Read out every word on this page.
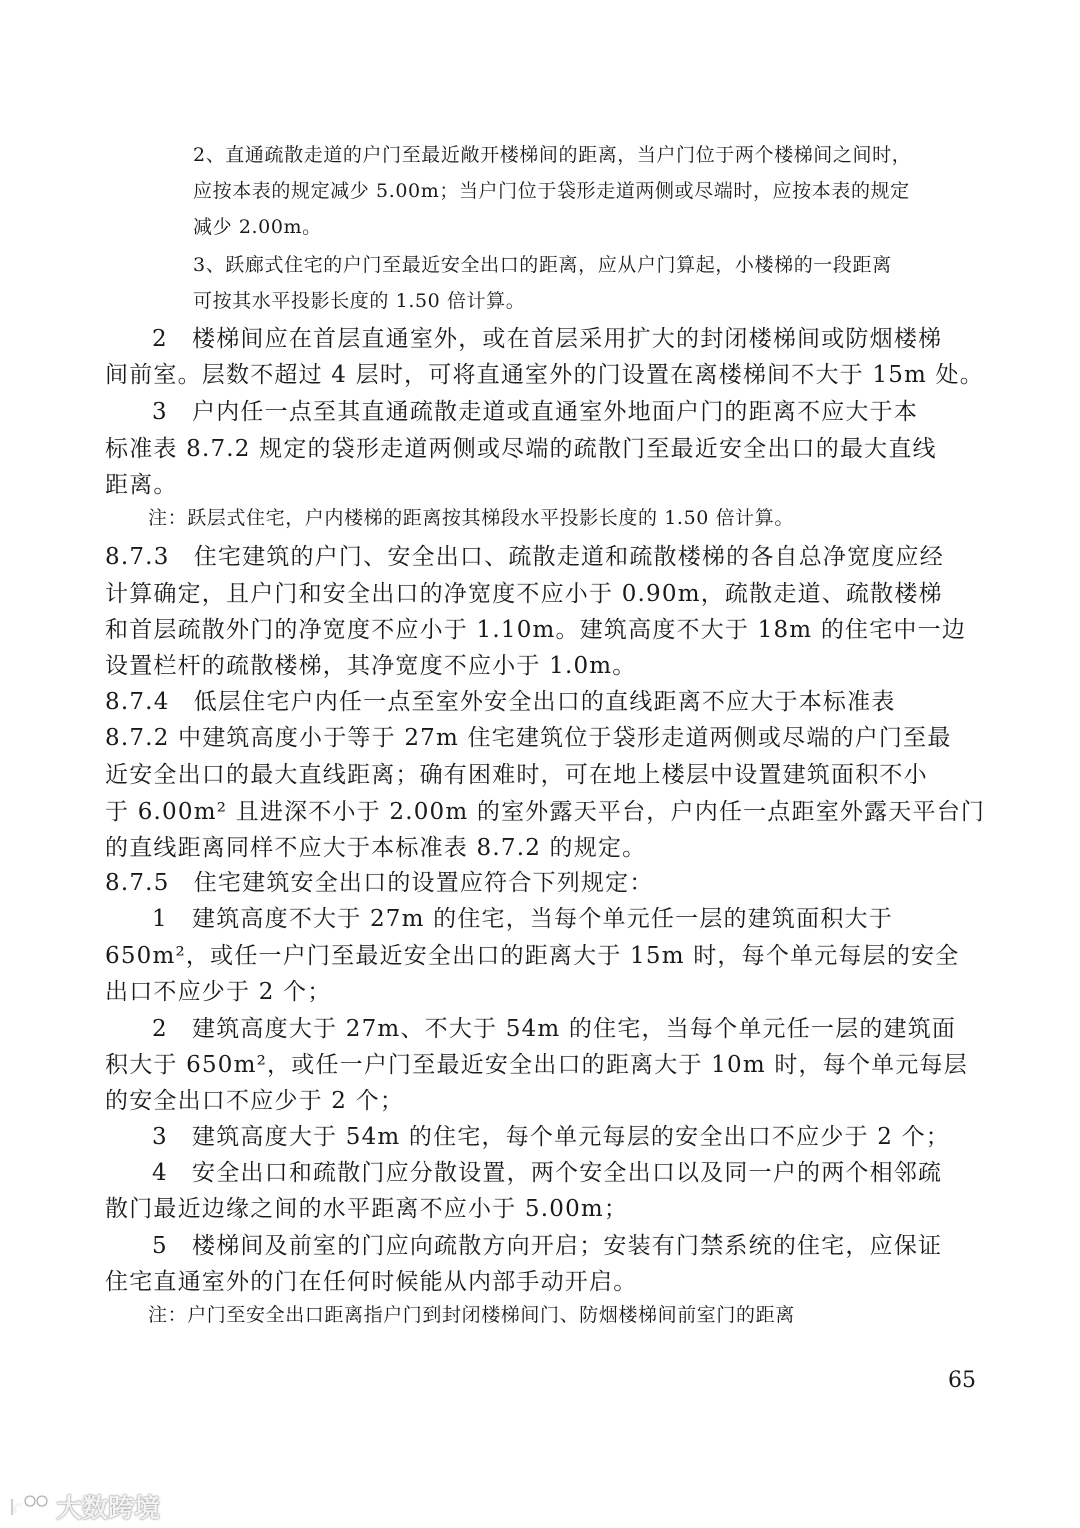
2、直通疏散走道的户门至最近敞开楼梯间的距离，当户门位于两个楼梯间之间时，
应按本表的规定减少 5.00m；当户门位于袋形走道两侧或尽端时，应按本表的规定
减少 2.00m。
3、跃廊式住宅的户门至最近安全出口的距离，应从户门算起，小楼梯的一段距离
可按其水平投影长度的 1.50 倍计算。
2　楼梯间应在首层直通室外，或在首层采用扩大的封闭楼梯间或防烟楼梯
间前室。层数不超过 4 层时，可将直通室外的门设置在离楼梯间不大于 15m 处。
3　户内任一点至其直通疏散走道或直通室外地面户门的距离不应大于本
标准表 8.7.2 规定的袋形走道两侧或尽端的疏散门至最近安全出口的最大直线
距离。
注：跃层式住宅，户内楼梯的距离按其梯段水平投影长度的 1.50 倍计算。
8.7.3　住宅建筑的户门、安全出口、疏散走道和疏散楼梯的各自总净宽度应经
计算确定，且户门和安全出口的净宽度不应小于 0.90m，疏散走道、疏散楼梯
和首层疏散外门的净宽度不应小于 1.10m。建筑高度不大于 18m 的住宅中一边
设置栏杆的疏散楼梯，其净宽度不应小于 1.0m。
8.7.4　低层住宅户内任一点至室外安全出口的直线距离不应大于本标准表
8.7.2 中建筑高度小于等于 27m 住宅建筑位于袋形走道两侧或尽端的户门至最
近安全出口的最大直线距离；确有困难时，可在地上楼层中设置建筑面积不小
于 6.00m² 且进深不小于 2.00m 的室外露天平台，户内任一点距室外露天平台门
的直线距离同样不应大于本标准表 8.7.2 的规定。
8.7.5　住宅建筑安全出口的设置应符合下列规定：
1　建筑高度不大于 27m 的住宅，当每个单元任一层的建筑面积大于
650m²，或任一户门至最近安全出口的距离大于 15m 时，每个单元每层的安全
出口不应少于 2 个；
2　建筑高度大于 27m、不大于 54m 的住宅，当每个单元任一层的建筑面
积大于 650m²，或任一户门至最近安全出口的距离大于 10m 时，每个单元每层
的安全出口不应少于 2 个；
3　建筑高度大于 54m 的住宅，每个单元每层的安全出口不应少于 2 个；
4　安全出口和疏散门应分散设置，两个安全出口以及同一户的两个相邻疏
散门最近边缘之间的水平距离不应小于 5.00m；
5　楼梯间及前室的门应向疏散方向开启；安装有门禁系统的住宅，应保证
住宅直通室外的门在任何时候能从内部手动开启。
注：户门至安全出口距离指户门到封闭楼梯间门、防烟楼梯间前室门的距离
65
大数跨境
